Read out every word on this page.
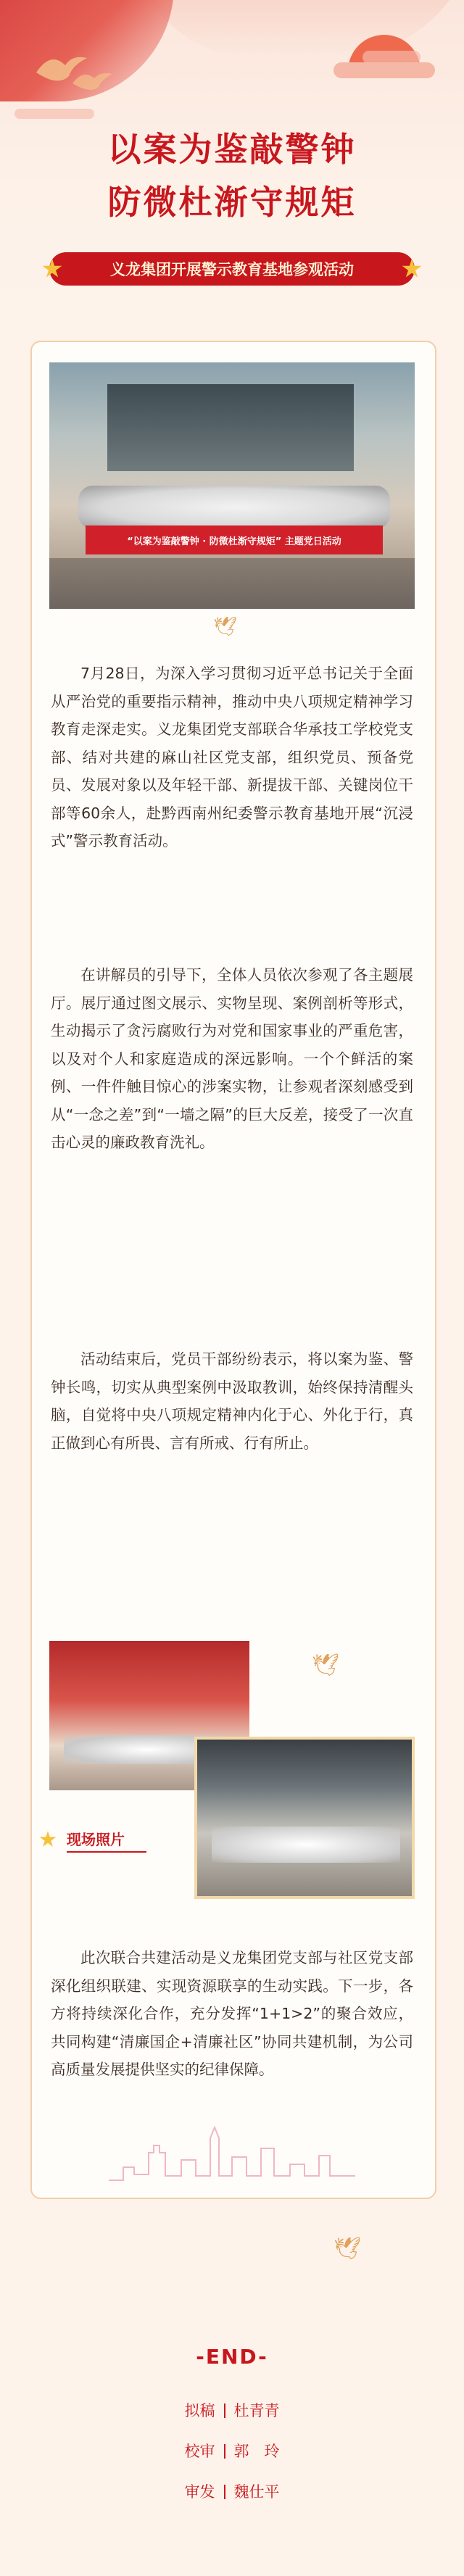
以案为鉴敲警钟
防微杜渐守规矩
义龙集团开展警示教育基地参观活动
“以案为鉴敲警钟 · 防微杜渐守规矩” 主题党日活动
🕊

7月28日，为深入学习贯彻习近平总书记关于全面从严治党的重要指示精神，推动中央八项规定精神学习教育走深走实。义龙集团党支部联合华承技工学校党支部、结对共建的麻山社区党支部，组织党员、预备党员、发展对象以及年轻干部、新提拔干部、关键岗位干部等60余人，赴黔西南州纪委警示教育基地开展“沉浸式”警示教育活动。

在讲解员的引导下，全体人员依次参观了各主题展厅。展厅通过图文展示、实物呈现、案例剖析等形式，生动揭示了贪污腐败行为对党和国家事业的严重危害，以及对个人和家庭造成的深远影响。一个个鲜活的案例、一件件触目惊心的涉案实物，让参观者深刻感受到从“一念之差”到“一墙之隔”的巨大反差，接受了一次直击心灵的廉政教育洗礼。

活动结束后，党员干部纷纷表示，将以案为鉴、警钟长鸣，切实从典型案例中汲取教训，始终保持清醒头脑，自觉将中央八项规定精神内化于心、外化于行，真正做到心有所畏、言有所戒、行有所止。

🕊
现场照片

此次联合共建活动是义龙集团党支部与社区党支部深化组织联建、实现资源联享的生动实践。下一步，各方将持续深化合作，充分发挥“1+1>2”的聚合效应，共同构建“清廉国企+清廉社区”协同共建机制，为公司高质量发展提供坚实的纪律保障。

🕊
-END-
拟稿 杜青青
校审 郭　玲
审发 魏仕平
